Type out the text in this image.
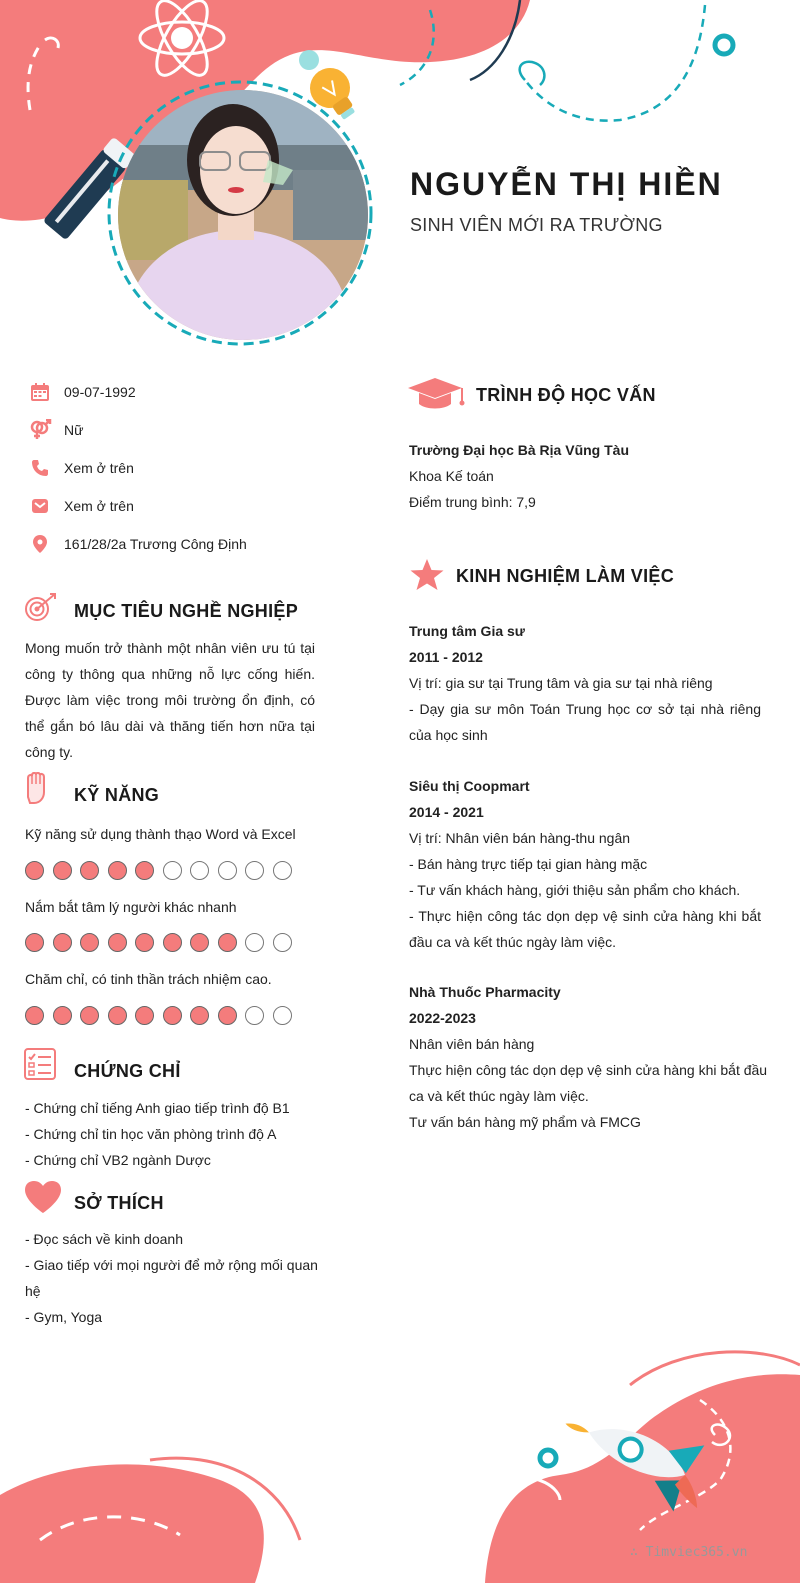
NGUYỄN THỊ HIỀN
SINH VIÊN MỚI RA TRƯỜNG
09-07-1992
Nữ
Xem ở trên
Xem ở trên
161/28/2a Trương Công Định
MỤC TIÊU NGHỀ NGHIỆP
Mong muốn trở thành một nhân viên ưu tú tại công ty thông qua những nỗ lực cống hiến. Được làm việc trong môi trường ổn định, có thể gắn bó lâu dài và thăng tiến hơn nữa tại công ty.
KỸ NĂNG
Kỹ năng sử dụng thành thạo Word và Excel
Nắm bắt tâm lý người khác nhanh
Chăm chỉ, có tinh thần trách nhiệm cao.
CHỨNG CHỈ
- Chứng chỉ tiếng Anh giao tiếp trình độ B1
- Chứng chỉ tin học văn phòng trình độ A
- Chứng chỉ VB2 ngành Dược
SỞ THÍCH
- Đọc sách về kinh doanh
- Giao tiếp với mọi người để mở rộng mối quan hệ
- Gym, Yoga
TRÌNH ĐỘ HỌC VẤN
Trường Đại học Bà Rịa Vũng Tàu
Khoa Kế toán
Điểm trung bình: 7,9
KINH NGHIỆM LÀM VIỆC
Trung tâm Gia sư
2011 - 2012
Vị trí: gia sư tại Trung tâm và gia sư tại nhà riêng
- Dạy gia sư môn Toán Trung học cơ sở tại nhà riêng của học sinh
Siêu thị Coopmart
2014 - 2021
Vị trí: Nhân viên bán hàng-thu ngân
- Bán hàng trực tiếp tại gian hàng mặc
- Tư vấn khách hàng, giới thiệu sản phẩm cho khách.
- Thực hiện công tác dọn dẹp vệ sinh cửa hàng khi bắt đầu ca và kết thúc ngày làm việc.
Nhà Thuốc Pharmacity
2022-2023
Nhân viên bán hàng
Thực hiện công tác dọn dẹp vệ sinh cửa hàng khi bắt đầu ca và kết thúc ngày làm việc.
Tư vấn bán hàng mỹ phẩm và FMCG
∴ Timviec365.vn
